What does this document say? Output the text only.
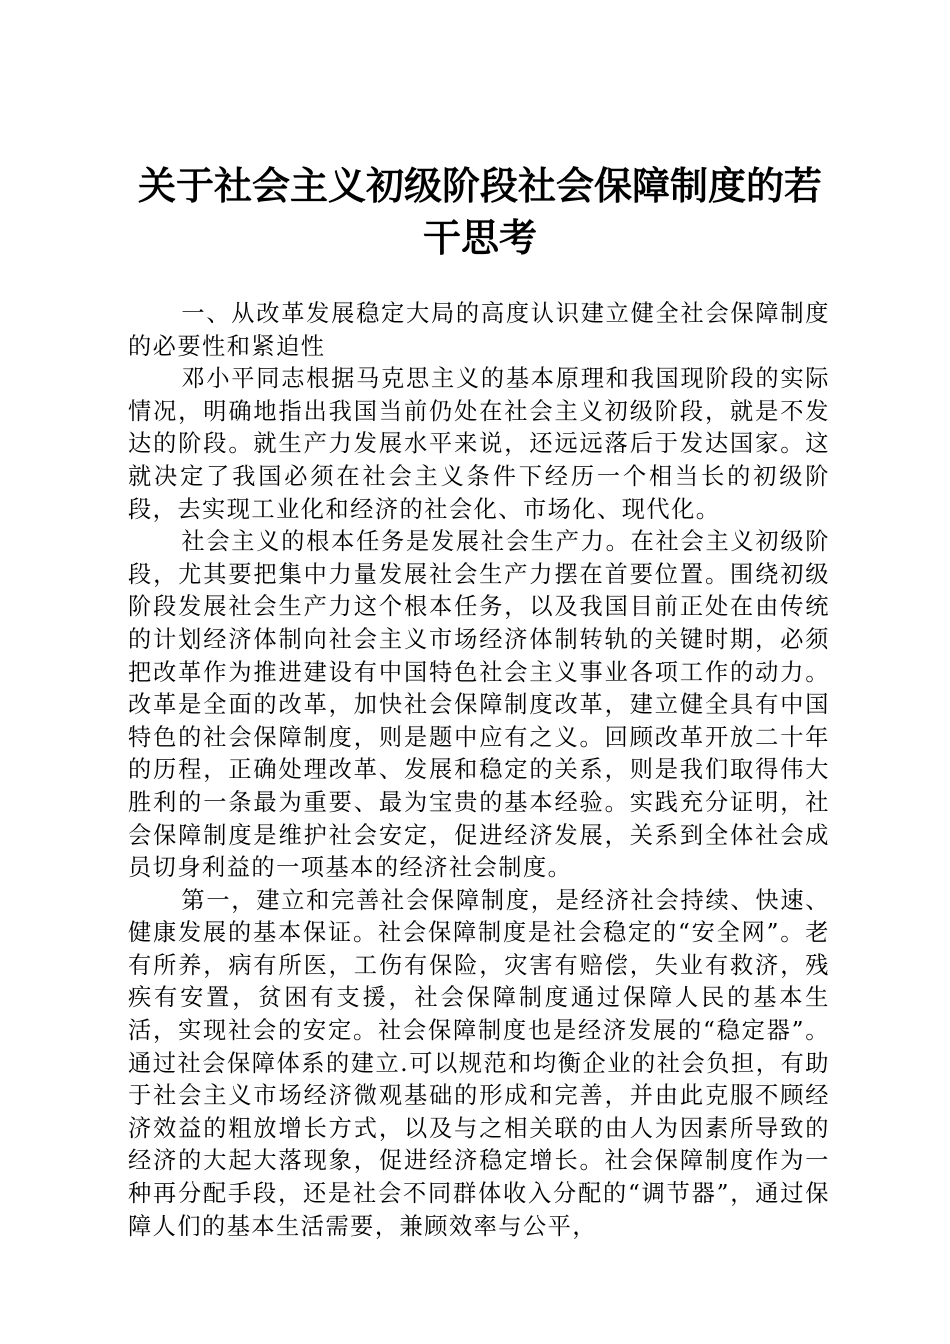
关于社会主义初级阶段社会保障制度的若干思考

一、从改革发展稳定大局的高度认识建立健全社会保障制度的必要性和紧迫性

邓小平同志根据马克思主义的基本原理和我国现阶段的实际情况，明确地指出我国当前仍处在社会主义初级阶段，就是不发达的阶段。就生产力发展水平来说，还远远落后于发达国家。这就决定了我国必须在社会主义条件下经历一个相当长的初级阶段，去实现工业化和经济的社会化、市场化、现代化。

社会主义的根本任务是发展社会生产力。在社会主义初级阶段，尤其要把集中力量发展社会生产力摆在首要位置。围绕初级阶段发展社会生产力这个根本任务，以及我国目前正处在由传统的计划经济体制向社会主义市场经济体制转轨的关键时期，必须把改革作为推进建设有中国特色社会主义事业各项工作的动力。改革是全面的改革，加快社会保障制度改革，建立健全具有中国特色的社会保障制度，则是题中应有之义。回顾改革开放二十年的历程，正确处理改革、发展和稳定的关系，则是我们取得伟大胜利的一条最为重要、最为宝贵的基本经验。实践充分证明，社会保障制度是维护社会安定，促进经济发展，关系到全体社会成员切身利益的一项基本的经济社会制度。

第一，建立和完善社会保障制度，是经济社会持续、快速、健康发展的基本保证。社会保障制度是社会稳定的“安全网”。老有所养，病有所医，工伤有保险，灾害有赔偿，失业有救济，残疾有安置，贫困有支援，社会保障制度通过保障人民的基本生活，实现社会的安定。社会保障制度也是经济发展的“稳定器”。通过社会保障体系的建立.可以规范和均衡企业的社会负担，有助于社会主义市场经济微观基础的形成和完善，并由此克服不顾经济效益的粗放增长方式，以及与之相关联的由人为因素所导致的经济的大起大落现象，促进经济稳定增长。社会保障制度作为一种再分配手段，还是社会不同群体收入分配的“调节器”，通过保障人们的基本生活需要，兼顾效率与公平，
